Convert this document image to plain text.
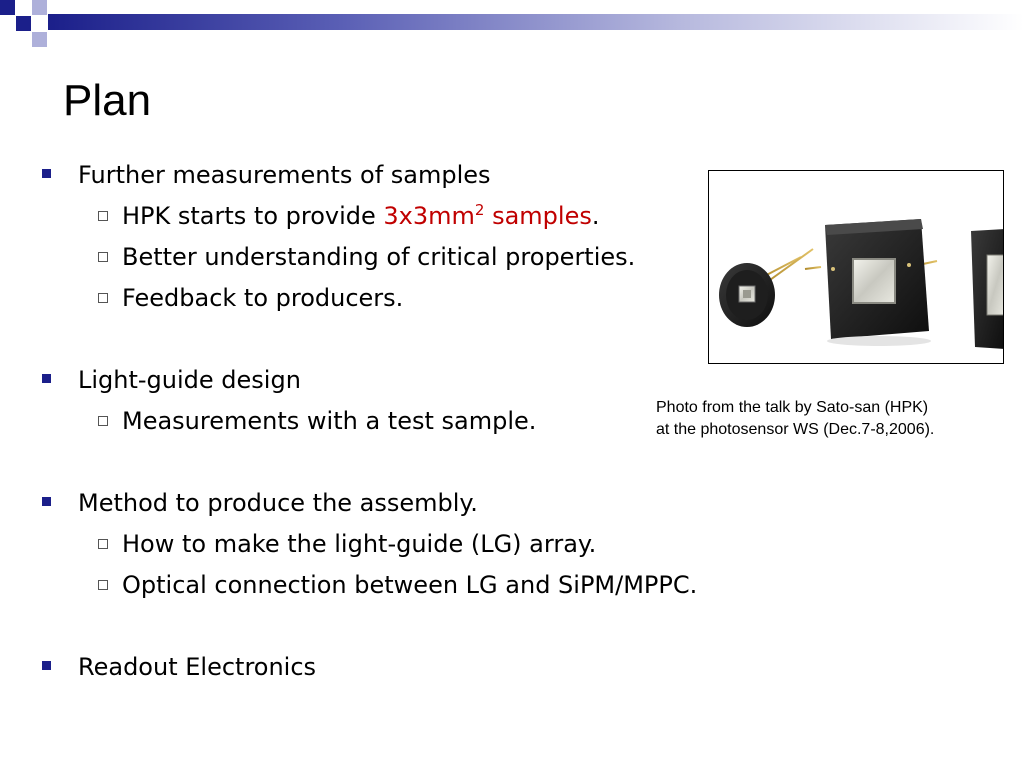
Plan
Further measurements of samples
HPK starts to provide $3x3mm^2$ samples.
Better understanding of critical properties.
Feedback to producers.
Light-guide design
Measurements with a test sample.
Method to produce the assembly.
How to make the light-guide (LG) array.
Optical connection between LG and SiPM/MPPC.
Readout Electronics
Photo from the talk by Sato-san (HPK)
at the photosensor WS (Dec.7-8,2006).
